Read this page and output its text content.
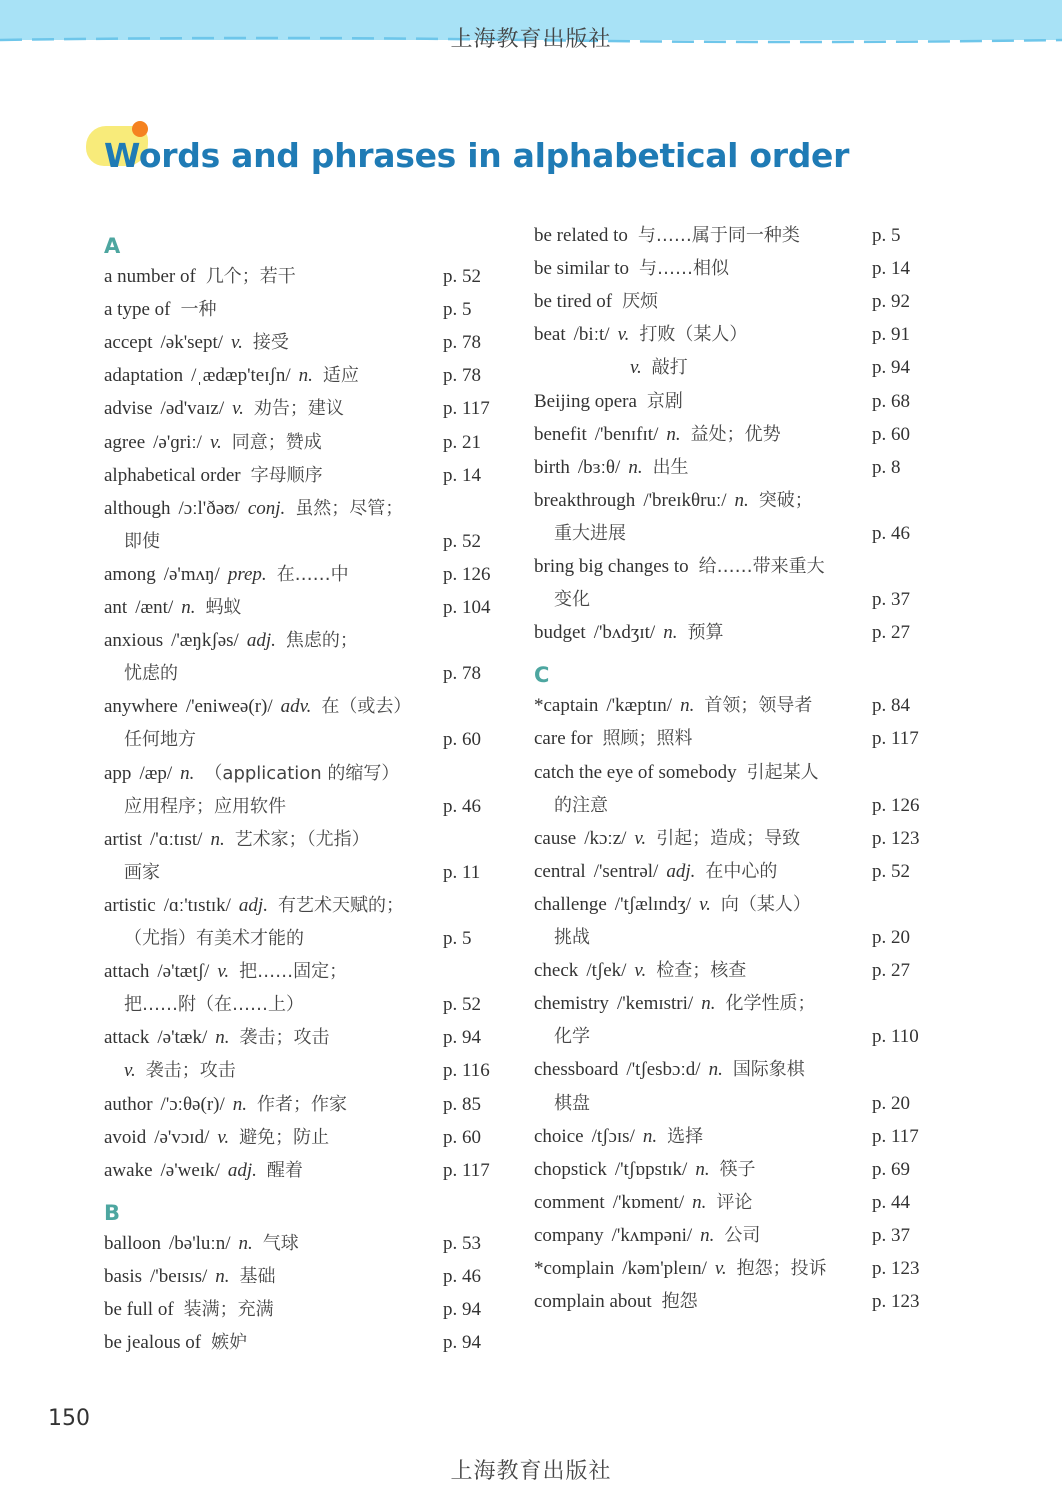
上海教育出版社
Words and phrases in alphabetical order
A
a number of 几个；若干	p. 52
a type of 一种	p. 5
accept /ək'sept/ v. 接受	p. 78
adaptation /ˌædæp'teɪʃn/ n. 适应	p. 78
advise /əd'vaɪz/ v. 劝告；建议	p. 117
agree /ə'ɡriː/ v. 同意；赞成	p. 21
alphabetical order 字母顺序	p. 14
although /ɔːl'ðəʊ/ conj. 虽然；尽管；
即使	p. 52
among /ə'mʌŋ/ prep. 在……中	p. 126
ant /ænt/ n. 蚂蚁	p. 104
anxious /'æŋkʃəs/ adj. 焦虑的；
忧虑的	p. 78
anywhere /'eniweə(r)/ adv. 在（或去）
任何地方	p. 60
app /æp/ n. （application 的缩写）
应用程序；应用软件	p. 46
artist /'ɑːtɪst/ n. 艺术家；（尤指）
画家	p. 11
artistic /ɑː'tɪstɪk/ adj. 有艺术天赋的；
（尤指）有美术才能的	p. 5
attach /ə'tætʃ/ v. 把……固定；
把……附（在……上）	p. 52
attack /ə'tæk/ n. 袭击；攻击	p. 94
v. 袭击；攻击	p. 116
author /'ɔːθə(r)/ n. 作者；作家	p. 85
avoid /ə'vɔɪd/ v. 避免；防止	p. 60
awake /ə'weɪk/ adj. 醒着	p. 117
B
balloon /bə'luːn/ n. 气球	p. 53
basis /'beɪsɪs/ n. 基础	p. 46
be full of 装满；充满	p. 94
be jealous of 嫉妒	p. 94
be related to 与……属于同一种类	p. 5
be similar to 与……相似	p. 14
be tired of 厌烦	p. 92
beat /biːt/ v. 打败（某人）	p. 91
v. 敲打	p. 94
Beijing opera 京剧	p. 68
benefit /'benɪfɪt/ n. 益处；优势	p. 60
birth /bɜːθ/ n. 出生	p. 8
breakthrough /'breɪkθruː/ n. 突破；
重大进展	p. 46
bring big changes to 给……带来重大
变化	p. 37
budget /'bʌdʒɪt/ n. 预算	p. 27
C
*captain /'kæptɪn/ n. 首领；领导者	p. 84
care for 照顾；照料	p. 117
catch the eye of somebody 引起某人
的注意	p. 126
cause /kɔːz/ v. 引起；造成；导致	p. 123
central /'sentrəl/ adj. 在中心的	p. 52
challenge /'tʃælɪndʒ/ v. 向（某人）
挑战	p. 20
check /tʃek/ v. 检查；核查	p. 27
chemistry /'kemɪstri/ n. 化学性质；
化学	p. 110
chessboard /'tʃesbɔːd/ n. 国际象棋
棋盘	p. 20
choice /tʃɔɪs/ n. 选择	p. 117
chopstick /'tʃɒpstɪk/ n. 筷子	p. 69
comment /'kɒment/ n. 评论	p. 44
company /'kʌmpəni/ n. 公司	p. 37
*complain /kəm'pleɪn/ v. 抱怨；投诉 p. 123
complain about 抱怨	p. 123
150
上海教育出版社
